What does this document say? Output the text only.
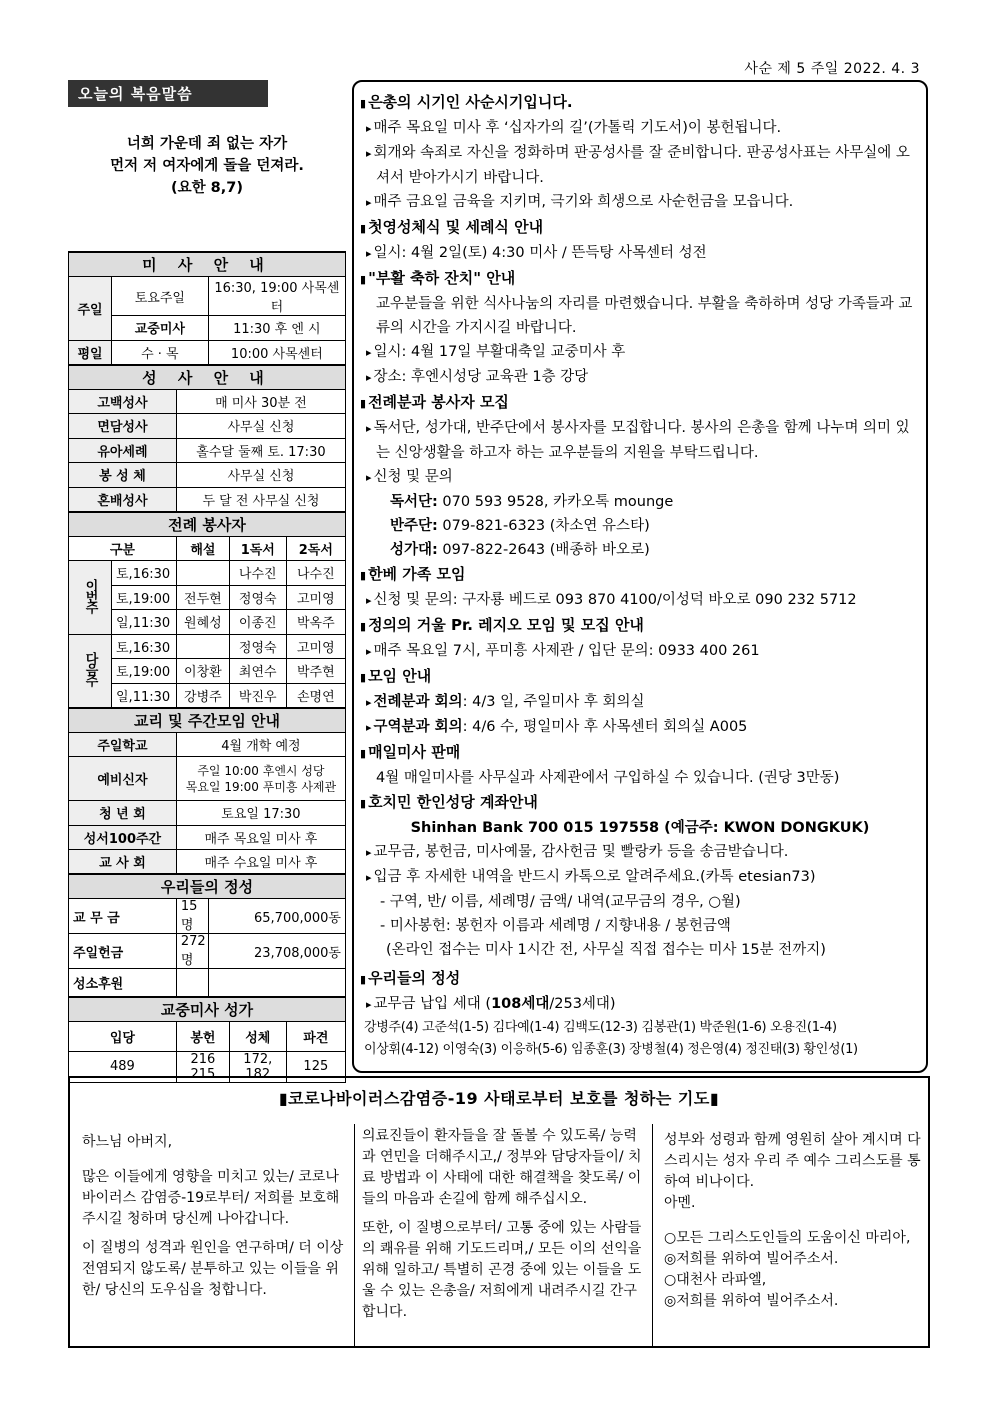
사순 제 5 주일 2022. 4. 3
오늘의 복음말씀
너희 가운데 죄 없는 자가
먼저 저 여자에게 돌을 던져라.
(요한 8,7)
미 사 안 내					
주일	토요주일		16:30, 19:00 사목센터		
	교중미사		11:30 후 엔 시		
평일	수 · 목		10:00 사목센터		
성 사 안 내					
고백성사		매 미사 30분 전			
면담성사		사무실 신청			
유아세례		홀수달 둘째 토. 17:30			
봉 성 체		사무실 신청			
혼배성사		두 달 전 사무실 신청			
전례 봉사자					
구분		해설		1독서	2독서
이번주	토,16:30			나수진	나수진
	토,19:00	전두현		정영숙	고미영
	일,11:30	원혜성		이종진	박옥주
다음주	토,16:30			정영숙	고미영
	토,19:00	이창환		최연수	박주현
	일,11:30	강병주		박진우	손명연
교리 및 주간모임 안내					
주일학교		4월 개학 예정			
예비신자		주일 10:00 후엔시 성당
목요일 19:00 푸미흥 사제관			

청 년 회		토요일 17:30			
성서100주간		매주 목요일 미사 후			
교 사 회		매주 수요일 미사 후			
우리들의 정성					
교 무 금		15명	65,700,000동		
주일헌금		272명	23,708,000동		
성소후원					
교중미사 성가					
입당		봉헌		성체	파견
489		216 215		172, 182	125
▮ 은총의 시기인 사순시기입니다.
▸ 매주 목요일 미사 후 ‘십자가의 길’(가톨릭 기도서)이 봉헌됩니다.
▸ 회개와 속죄로 자신을 정화하며 판공성사를 잘 준비합니다. 판공성사표는 사무실에 오셔서 받아가시기 바랍니다.
▸ 매주 금요일 금육을 지키며, 극기와 희생으로 사순헌금을 모읍니다.
▮ 첫영성체식 및 세례식 안내
▸ 일시: 4월 2일(토) 4:30 미사 / 뜬득탕 사목센터 성전
▮ "부활 축하 잔치" 안내
교우분들을 위한 식사나눔의 자리를 마련했습니다. 부활을 축하하며 성당 가족들과 교류의 시간을 가지시길 바랍니다.
▸ 일시: 4월 17일 부활대축일 교중미사 후
▸ 장소: 후엔시성당 교육관 1층 강당
▮ 전례분과 봉사자 모집
▸ 독서단, 성가대, 반주단에서 봉사자를 모집합니다. 봉사의 은총을 함께 나누며 의미 있는 신앙생활을 하고자 하는 교우분들의 지원을 부탁드립니다.
▸ 신청 및 문의
독서단: 070 593 9528, 카카오톡 mounge
반주단: 079-821-6323 (차소연 유스타)
성가대: 097-822-2643 (배종하 바오로)
▮ 한베 가족 모임
▸ 신청 및 문의: 구자룡 베드로 093 870 4100/이성덕 바오로 090 232 5712
▮ 정의의 거울 Pr. 레지오 모임 및 모집 안내
▸ 매주 목요일 7시, 푸미흥 사제관 / 입단 문의: 0933 400 261
▮ 모임 안내
▸ 전례분과 회의: 4/3 일, 주일미사 후 회의실
▸ 구역분과 회의: 4/6 수, 평일미사 후 사목센터 회의실 A005
▮ 매일미사 판매
4월 매일미사를 사무실과 사제관에서 구입하실 수 있습니다. (권당 3만동)
▮ 호치민 한인성당 계좌안내
Shinhan Bank 700 015 197558 (예금주: KWON DONGKUK)
▸ 교무금, 봉헌금, 미사예물, 감사헌금 및 빨랑카 등을 송금받습니다.
▸ 입금 후 자세한 내역을 반드시 카톡으로 알려주세요.(카톡 etesian73)
- 구역, 반/ 이름, 세례명/ 금액/ 내역(교무금의 경우, ○월)
- 미사봉헌: 봉헌자 이름과 세례명 / 지향내용 / 봉헌금액
(온라인 접수는 미사 1시간 전, 사무실 직접 접수는 미사 15분 전까지)
▮ 우리들의 정성
▸ 교무금 납입 세대 (108세대/253세대)
강병주(4) 고준석(1-5) 김다예(1-4) 김백도(12-3) 김봉관(1) 박준원(1-6) 오용진(1-4)
이상휘(4-12) 이영숙(3) 이응하(5-6) 임종훈(3) 장병철(4) 정은영(4) 정진태(3) 황인성(1)
▮코로나바이러스감염증-19 사태로부터 보호를 청하는 기도▮

하느님 아버지,

많은 이들에게 영향을 미치고 있는/ 코로나 바이러스 감염증-19로부터/ 저희를 보호해주시길 청하며 당신께 나아갑니다.

이 질병의 성격과 원인을 연구하며/ 더 이상 전염되지 않도록/ 분투하고 있는 이들을 위한/ 당신의 도우심을 청합니다.

의료진들이 환자들을 잘 돌볼 수 있도록/ 능력과 연민을 더해주시고,/ 정부와 담당자들이/ 치료 방법과 이 사태에 대한 해결책을 찾도록/ 이들의 마음과 손길에 함께 해주십시오.

또한, 이 질병으로부터/ 고통 중에 있는 사람들의 쾌유를 위해 기도드리며,/ 모든 이의 선익을 위해 일하고/ 특별히 곤경 중에 있는 이들을 도울 수 있는 은총을/ 저희에게 내려주시길 간구합니다.

성부와 성령과 함께 영원히 살아 계시며 다스리시는 성자 우리 주 예수 그리스도를 통하여 비나이다.
아멘.
○모든 그리스도인들의 도움이신 마리아,
◎저희를 위하여 빌어주소서.
○대천사 라파엘,
◎저희를 위하여 빌어주소서.
